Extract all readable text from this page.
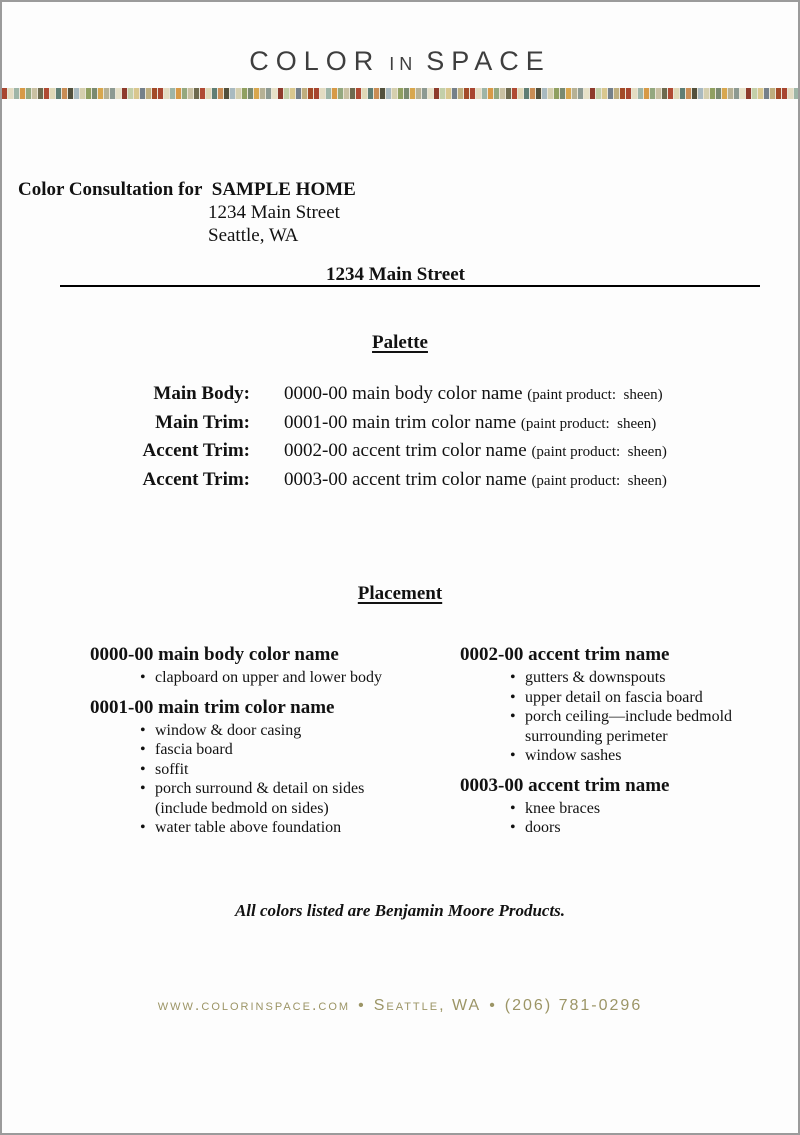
COLOR IN SPACE
Color Consultation for SAMPLE HOME
1234 Main Street
Seattle, WA
1234 Main Street
Palette
Main Body:	0000-00 main body color name (paint product:  sheen)
Main Trim:	0001-00 main trim color name (paint product:  sheen)
Accent Trim:	0002-00 accent trim color name (paint product:  sheen)
Accent Trim:	0003-00 accent trim color name (paint product:  sheen)
Placement
0000-00 main body color name
• clapboard on upper and lower body
0001-00 main trim color name
• window & door casing
• fascia board
• soffit
• porch surround & detail on sides
(include bedmold on sides)
• water table above foundation
0002-00 accent trim name
• gutters & downspouts
• upper detail on fascia board
• porch ceiling—include bedmold
surrounding perimeter
• window sashes
0003-00 accent trim name
• knee braces
• doors
All colors listed are Benjamin Moore Products.
www.colorinspace.com • Seattle, WA • (206) 781-0296
